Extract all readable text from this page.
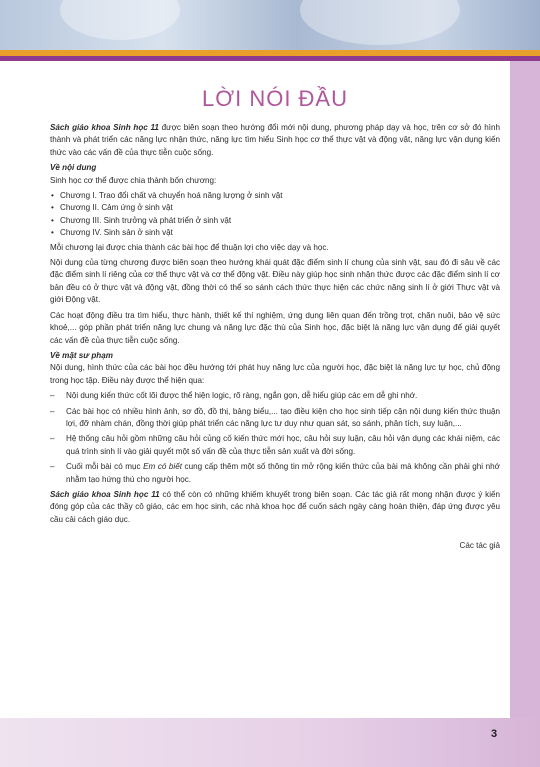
3
LỜI NÓI ĐẦU

Sách giáo khoa Sinh học 11 được biên soạn theo hướng đổi mới nội dung, phương pháp dạy và học, trên cơ sở đó hình thành và phát triển các năng lực nhận thức, năng lực tìm hiểu Sinh học cơ thể thực vật và động vật, năng lực vận dụng kiến thức vào các vấn đề của thực tiễn cuộc sống.

Về nội dung

Sinh học cơ thể được chia thành bốn chương:

• Chương I. Trao đổi chất và chuyển hoá năng lượng ở sinh vật
• Chương II. Cảm ứng ở sinh vật
• Chương III. Sinh trưởng và phát triển ở sinh vật
• Chương IV. Sinh sản ở sinh vật

Mỗi chương lại được chia thành các bài học để thuận lợi cho việc dạy và học.

Nội dung của từng chương được biên soạn theo hướng khái quát đặc điểm sinh lí chung của sinh vật, sau đó đi sâu về các đặc điểm sinh lí riêng của cơ thể thực vật và cơ thể động vật. Điều này giúp học sinh nhận thức được các đặc điểm sinh lí cơ bản đều có ở thực vật và động vật, đồng thời có thể so sánh cách thức thực hiện các chức năng sinh lí ở giới Thực vật và giới Động vật.

Các hoạt động điều tra tìm hiểu, thực hành, thiết kế thí nghiệm, ứng dụng liên quan đến trồng trọt, chăn nuôi, bảo vệ sức khoẻ,... góp phần phát triển năng lực chung và năng lực đặc thù của Sinh học, đặc biệt là năng lực vận dụng để giải quyết các vấn đề của thực tiễn cuộc sống.

Về mặt sư phạm

Nội dung, hình thức của các bài học đều hướng tới phát huy năng lực của người học, đặc biệt là năng lực tự học, chủ động trong học tập. Điều này được thể hiện qua:

– Nội dung kiến thức cốt lõi được thể hiện logic, rõ ràng, ngắn gọn, dễ hiểu giúp các em dễ ghi nhớ.
– Các bài học có nhiều hình ảnh, sơ đồ, đồ thị, bảng biểu,... tạo điều kiện cho học sinh tiếp cận nội dung kiến thức thuận lợi, đỡ nhàm chán, đồng thời giúp phát triển các năng lực tư duy như quan sát, so sánh, phân tích, suy luận,...
– Hệ thống câu hỏi gồm những câu hỏi củng cố kiến thức mới học, câu hỏi suy luận, câu hỏi vận dụng các khái niệm, các quá trình sinh lí vào giải quyết một số vấn đề của thực tiễn sản xuất và đời sống.
– Cuối mỗi bài có mục Em có biết cung cấp thêm một số thông tin mở rộng kiến thức của bài mà không cần phải ghi nhớ nhằm tạo hứng thú cho người học.

Sách giáo khoa Sinh học 11 có thể còn có những khiếm khuyết trong biên soạn. Các tác giả rất mong nhận được ý kiến đóng góp của các thầy cô giáo, các em học sinh, các nhà khoa học để cuốn sách ngày càng hoàn thiện, đáp ứng được yêu cầu cải cách giáo dục.

Các tác giả
